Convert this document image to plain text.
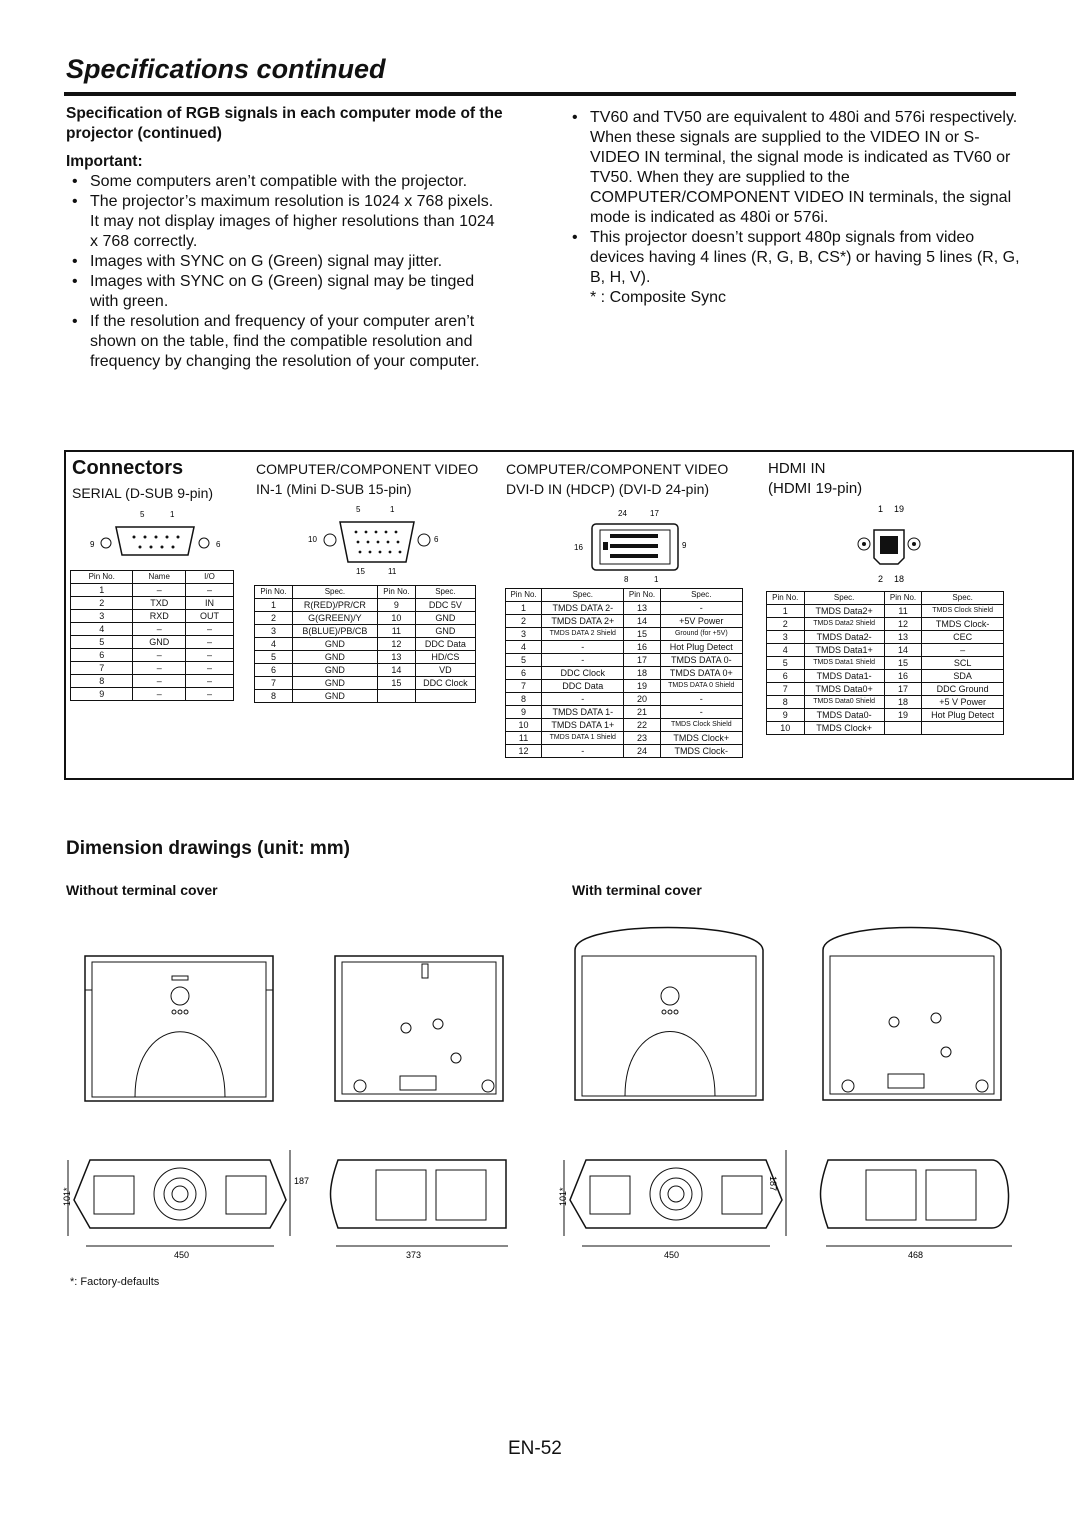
Specifications continued
Specification of RGB signals in each computer mode of the projector (continued)
Important:
• Some computers aren’t compatible with the projector.
• The projector’s maximum resolution is 1024 x 768 pixels. It may not display images of higher resolutions than 1024 x 768 correctly.
• Images with SYNC on G (Green) signal may jitter.
• Images with SYNC on G (Green) signal may be tinged with green.
• If the resolution and frequency of your computer aren’t shown on the table, find the compatible resolution and frequency by changing the resolution of your computer.
• TV60 and TV50 are equivalent to 480i and 576i respectively. When these signals are supplied to the VIDEO IN or S-VIDEO IN terminal, the signal mode is indicated as TV60 or TV50. When they are supplied to the COMPUTER/COMPONENT VIDEO IN terminals, the signal mode is indicated as 480i or 576i.
• This projector doesn’t support 480p signals from video devices having 4 lines (R, G, B, CS*) or having 5 lines (R, G, B, H, V).
* : Composite Sync
Connectors
SERIAL (D-SUB 9-pin)
5	1
9	6
Pin No.	Name	I/O
1	–	–
2	TXD	IN
3	RXD	OUT
4	–	–
5	GND	–
6	–	–
7	–	–
8	–	–
9	–	–
COMPUTER/COMPONENT VIDEO
IN-1 (Mini D-SUB 15-pin)
5	1
10	6
15	11
Pin No.	Spec.	Pin No.	Spec.
1	R(RED)/PR/CR	9	DDC 5V
2	G(GREEN)/Y	10	GND
3	B(BLUE)/PB/CB	11	GND
4	GND	12	DDC Data
5	GND	13	HD/CS
6	GND	14	VD
7	GND	15	DDC Clock
8	GND		
COMPUTER/COMPONENT VIDEO
DVI-D IN (HDCP) (DVI-D 24-pin)
24	17
16	9
8	1
Pin No.	Spec.	Pin No.	Spec.
1	TMDS DATA 2-	13	-
2	TMDS DATA 2+	14	+5V Power
3	TMDS DATA 2 Shield	15	Ground (for +5V)
4	-	16	Hot Plug Detect
5	-	17	TMDS DATA 0-
6	DDC Clock	18	TMDS DATA 0+
7	DDC Data	19	TMDS DATA 0 Shield
8	-	20	-
9	TMDS DATA 1-	21	-
10	TMDS DATA 1+	22	TMDS Clock Shield
11	TMDS DATA 1 Shield	23	TMDS Clock+
12	-	24	TMDS Clock-
HDMI IN
(HDMI 19-pin)
1 19
2 18
Pin No.	Spec.	Pin No.	Spec.
1	TMDS Data2+	11	TMDS Clock Shield
2	TMDS Data2 Shield	12	TMDS Clock-
3	TMDS Data2-	13	CEC
4	TMDS Data1+	14	–
5	TMDS Data1 Shield	15	SCL
6	TMDS Data1-	16	SDA
7	TMDS Data0+	17	DDC Ground
8	TMDS Data0 Shield	18	+5 V Power
9	TMDS Data0-	19	Hot Plug Detect
10	TMDS Clock+		
Dimension drawings (unit: mm)
Without terminal cover	With terminal cover
450
101*
187
373	450
101*
187
468
*: Factory-defaults
EN-52
